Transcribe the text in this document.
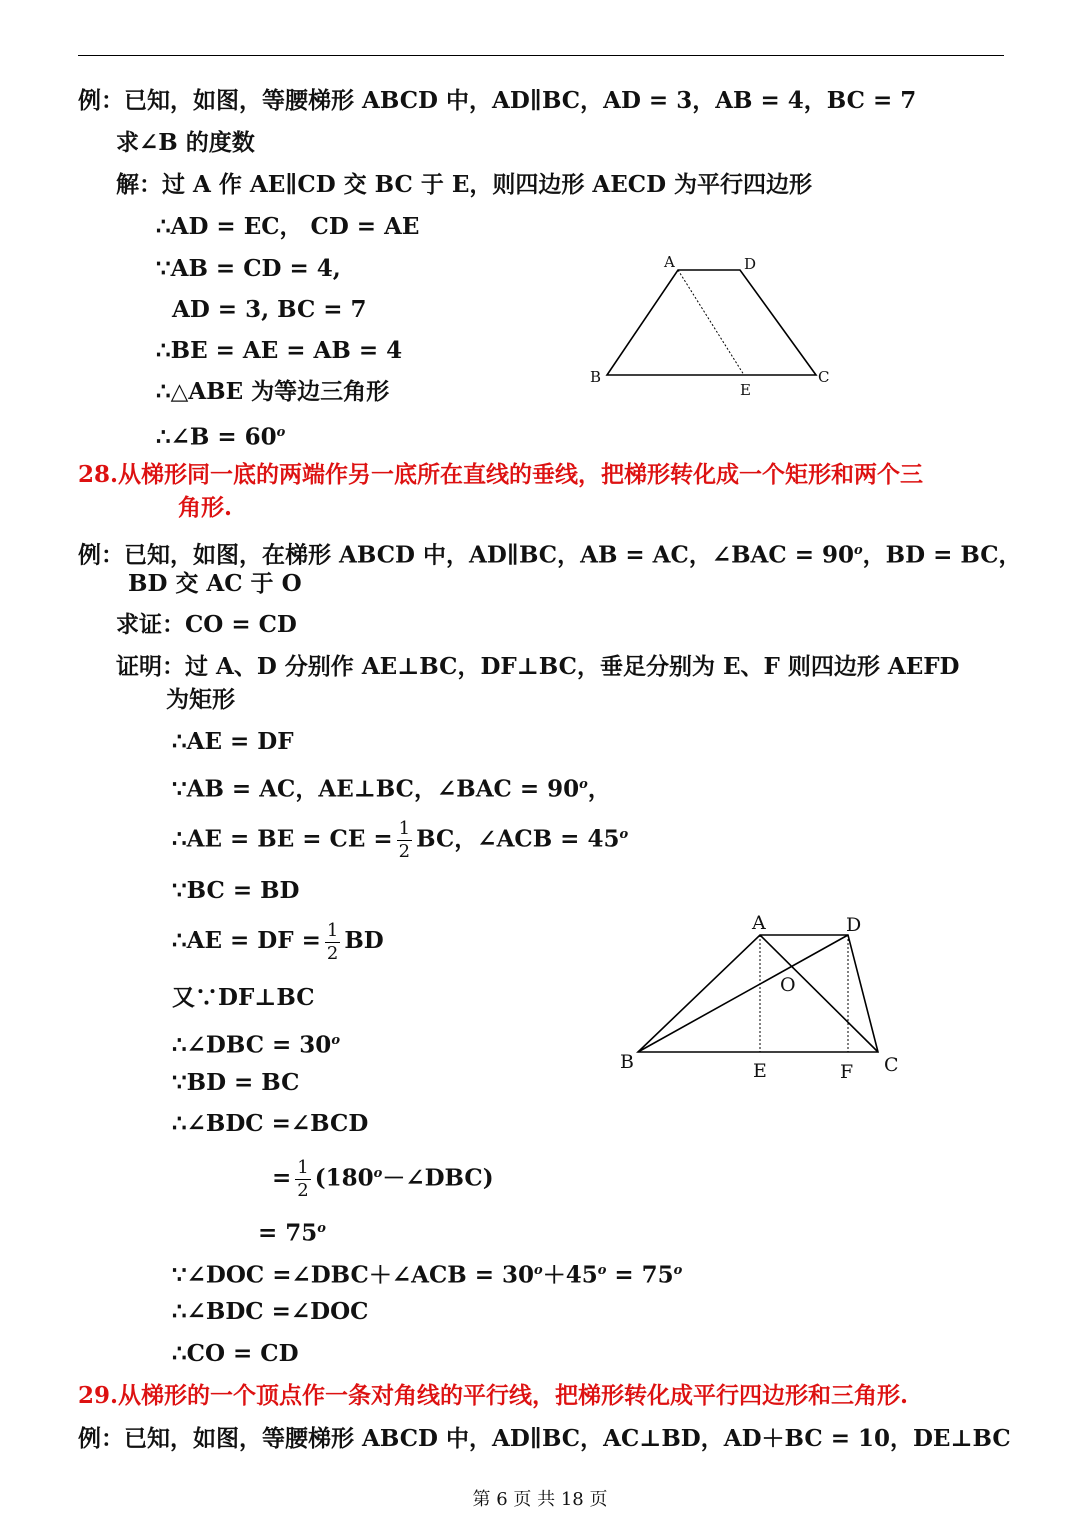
例：已知，如图，等腰梯形 ABCD 中，AD∥BC，AD = 3，AB = 4，BC = 7
求∠B 的度数
解：过 A 作 AE∥CD 交 BC 于 E，则四边形 AECD 为平行四边形
∴AD = EC， CD = AE
∵AB = CD = 4,
AD = 3, BC = 7
∴BE = AE = AB = 4
∴△ABE 为等边三角形
∴∠B = $60^o$
A	D
B
E
C
28.从梯形同一底的两端作另一底所在直线的垂线，把梯形转化成一个矩形和两个三
角形.
例：已知，如图，在梯形 ABCD 中，AD∥BC，AB = AC，∠BAC = $90^o$，BD = BC，
BD 交 AC 于 O
求证：CO = CD
证明：过 A、D 分别作 AE⊥BC，DF⊥BC，垂足分别为 E、F 则四边形 AEFD
为矩形
∴AE = DF
∵AB = AC，AE⊥BC，∠BAC = $90^o$，
∴AE = BE = CE = $\frac{1}{2}$ BC，∠ACB = $45^o$
∵BC = BD
∴AE = DF = $\frac{1}{2}$ BD
又∵DF⊥BC
∴∠DBC = $30^o$
∵BD = BC
∴∠BDC =∠BCD
= $\frac{1}{2}$ $(180^o-\angle DBC)$
= $75^o$
∵∠DOC =∠DBC＋∠ACB = $30^o+45^o = 75^o$
∴∠BDC =∠DOC
∴CO = CD
A	D
O
B	E	F C
29.从梯形的一个顶点作一条对角线的平行线，把梯形转化成平行四边形和三角形.
例：已知，如图，等腰梯形 ABCD 中，AD∥BC，AC⊥BD，AD＋BC = 10，DE⊥BC
第 6 页 共 18 页
